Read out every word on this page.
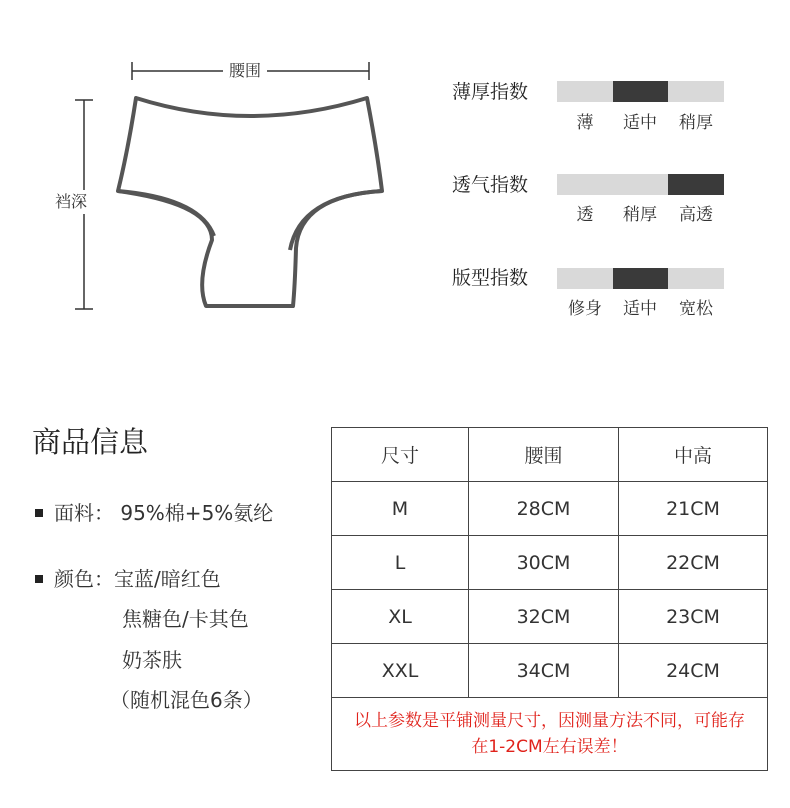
腰围
裆深
薄厚指数
薄	适中	稍厚
透气指数
透	稍厚	高透
版型指数
修身	适中	宽松
商品信息
面料： 95%棉+5%氨纶
颜色：宝蓝/暗红色
焦糖色/卡其色
奶茶肤
（随机混色6条）
尺寸	腰围	中高
M	28CM	21CM
L	30CM	22CM
XL	32CM	23CM
XXL	34CM	24CM
以上参数是平铺测量尺寸，因测量方法不同，可能存在1-2CM左右误差！		
